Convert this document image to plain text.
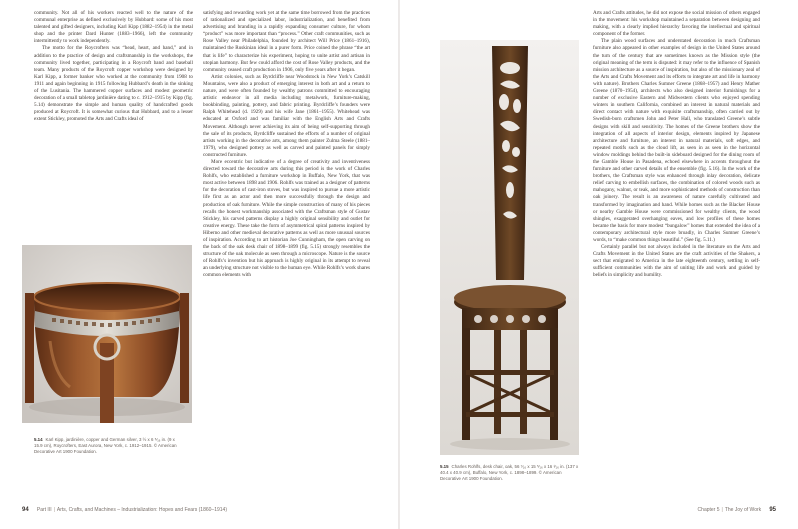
community. Not all of his workers reacted well to the nature of the communal enterprise as defined exclusively by Hubbard: some of his most talented and gifted designers, including Karl Kipp (1882–1954) in the metal shop and the printer Dard Hunter (1883–1966), left the community intermittently to work independently.

The motto for the Roycrofters was “head, heart, and hand,” and in addition to the practice of design and craftsmanship in the workshops, the community lived together, participating in a Roycroft band and baseball team. Many products of the Roycroft copper workshop were designed by Karl Kipp, a former banker who worked at the community from 1908 to 1911 and again beginning in 1915 following Hubbard’s death in the sinking of the Lusitania. The hammered copper surfaces and modest geometric decoration of a small tabletop jardinière dating to c. 1912–1915 by Kipp (fig. 5.14) demonstrate the simple and human quality of handcrafted goods produced at Roycroft. It is somewhat curious that Hubbard, and to a lesser extent Stickley, promoted the Arts and Crafts ideal of

satisfying and rewarding work yet at the same time borrowed from the practices of rationalized and specialized labor, industrialization, and benefited from advertising and branding in a rapidly expanding consumer culture, for whom “product” was more important than “process.” Other craft communities, such as Rose Valley near Philadelphia, founded by architect Will Price (1861–1916), maintained the Ruskinian ideal in a purer form. Price coined the phrase “the art that is life” to characterize his experiment, hoping to unite artist and artisan in utopian harmony. But few could afford the cost of Rose Valley products, and the community ceased craft production in 1906, only five years after it began.

Artist colonies, such as Byrdcliffe near Woodstock in New York’s Catskill Mountains, were also a product of emerging interest in both art and a return to nature, and were often founded by wealthy patrons committed to encouraging artistic endeavor in all media including metalwork, furniture-making, bookbinding, painting, pottery, and fabric printing. Byrdcliffe’s founders were Ralph Whitehead (d. 1929) and his wife Jane (1861–1955). Whitehead was educated at Oxford and was familiar with the English Arts and Crafts Movement. Although never achieving its aim of being self-supporting through the sale of its products, Byrdcliffe sustained the efforts of a number of original artists working in the decorative arts, among them painter Zulma Steele (1881–1979), who designed pottery as well as carved and painted panels for simply constructed furniture.

More eccentric but indicative of a degree of creativity and inventiveness directed toward the decorative arts during this period is the work of Charles Rohlfs, who established a furniture workshop in Buffalo, New York, that was most active between 1898 and 1906. Rohlfs was trained as a designer of patterns for the decoration of cast-iron stoves, but was inspired to pursue a more artistic life first as an actor and then more successfully through the design and production of oak furniture. While the simple construction of many of his pieces recalls the honest workmanship associated with the Craftsman style of Gustav Stickley, his carved patterns display a highly original sensibility and outlet for creative energy. These take the form of asymmetrical spiral patterns inspired by Hiberno and other medieval decorative patterns as well as more unusual sources of inspiration. According to art historian Joe Cunningham, the open carving on the back of the oak desk chair of 1898–1899 (fig. 5.15) strongly resembles the structure of the oak molecule as seen through a microscope. Nature is the source of Rohlfs’s invention but his approach is highly original in its attempt to reveal an underlying structure not visible to the human eye. While Rohlfs’s work shares common elements with

5.14 Karl Kipp, jardinière, copper and German silver, 3 ½ x 6 ⁵⁄₁₆ in. (9 x 15.9 cm), Roycrofters, East Aurora, New York, c. 1912–1915. © American Decorative Art 1900 Foundation.
94 Part III | Arts, Crafts, and Machines – Industrialization: Hopes and Fears (1860–1914)
5.15 Charles Rohlfs, desk chair, oak, 56 ⁷⁄₁₆ x 15 ⁵⁄₁₆ x 16 ¹⁄₁₆ in. (137 x 40.4 x 40.9 cm), Buffalo, New York, c. 1898–1899. © American Decorative Art 1900 Foundation.

Arts and Crafts attitudes, he did not expose the social mission of others engaged in the movement: his workshop maintained a separation between designing and making, with a clearly implied hierarchy favoring the intellectual and spiritual component of the former.

The plain wood surfaces and understated decoration in much Craftsman furniture also appeared in other examples of design in the United States around the turn of the century that are sometimes known as the Mission style (the original meaning of the term is disputed: it may refer to the influence of Spanish mission architecture as a source of inspiration, but also of the missionary zeal of the Arts and Crafts Movement and its efforts to integrate art and life in harmony with nature). Brothers Charles Sumner Greene (1868–1957) and Henry Mather Greene (1870–1954), architects who also designed interior furnishings for a number of exclusive Eastern and Midwestern clients who enjoyed spending winters in southern California, combined an interest in natural materials and direct contact with nature with exquisite craftsmanship, often carried out by Swedish-born craftsmen John and Peter Hall, who translated Greene’s subtle designs with skill and sensitivity. The homes of the Greene brothers show the integration of all aspects of interior design, elements inspired by Japanese architecture and furniture, an interest in natural materials, soft edges, and repeated motifs such as the cloud lift, as seen in as seen in the horizontal window moldings behind the built-in sideboard designed for the dining room of the Gamble House in Pasadena, echoed elsewhere in accents throughout the furniture and other carved details of the ensemble (fig. 5.16). In the work of the brothers, the Craftsman style was enhanced through inlay decoration, delicate relief carving to embellish surfaces, the combination of colored woods such as mahogany, walnut, or teak, and more sophisticated methods of construction than oak joinery. The result is an awareness of nature carefully cultivated and transformed by imagination and hand. While homes such as the Blacker House or nearby Gamble House were commissioned for wealthy clients, the wood shingles, exaggerated overhanging eaves, and low profiles of these homes became the basis for more modest “bungalow” homes that extended the idea of a contemporary architectural style more broadly, in Charles Sumner Greene’s words, to “make common things beautiful.” (See fig. 5.11.)

Certainly parallel but not always included in the literature on the Arts and Crafts Movement in the United States are the craft activities of the Shakers, a sect that emigrated to America in the late eighteenth century, settling in self-sufficient communities with the aim of uniting life and work and guided by beliefs in simplicity and humility.

Chapter 5 | The Joy of Work 95
